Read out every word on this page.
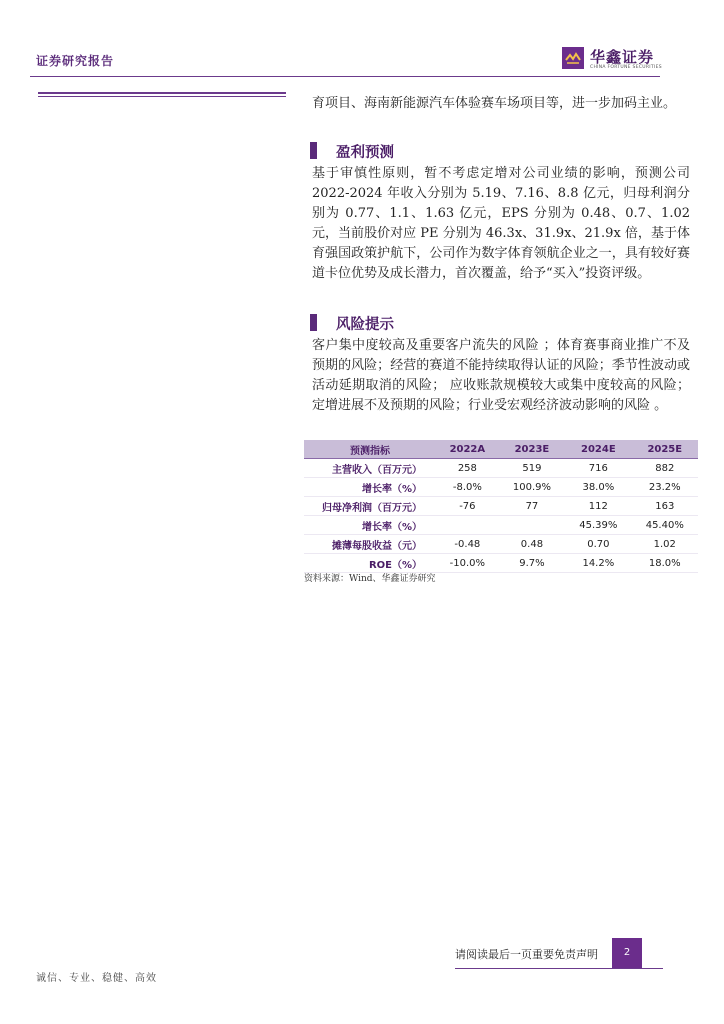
证券研究报告	华鑫证券
CHINA FORTUNE SECURITIES
育项目、海南新能源汽车体验赛车场项目等，进一步加码主业。
盈利预测
基于审慎性原则，暂不考虑定增对公司业绩的影响，预测公司 2022-2024 年收入分别为 5.19、7.16、8.8 亿元，归母利润分别为 0.77、1.1、1.63 亿元，EPS 分别为 0.48、0.7、1.02 元，当前股价对应 PE 分别为 46.3x、31.9x、21.9x 倍，基于体育强国政策护航下，公司作为数字体育领航企业之一，具有较好赛道卡位优势及成长潜力，首次覆盖，给予“买入”投资评级。
风险提示
客户集中度较高及重要客户流失的风险 ；体育赛事商业推广不及预期的风险；经营的赛道不能持续取得认证的风险；季节性波动或活动延期取消的风险； 应收账款规模较大或集中度较高的风险；定增进展不及预期的风险；行业受宏观经济波动影响的风险 。
预测指标	2022A	2023E	2024E	2025E
主营收入（百万元）	258	519	716	882
增长率（%）	-8.0%	100.9%	38.0%	23.2%
归母净利润（百万元）	-76	77	112	163
增长率（%）			45.39%	45.40%
摊薄每股收益（元）	-0.48	0.48	0.70	1.02
ROE（%）	-10.0%	9.7%	14.2%	18.0%
资料来源：Wind、华鑫证券研究
请阅读最后一页重要免责声明	2
诚信、专业、稳健、高效
